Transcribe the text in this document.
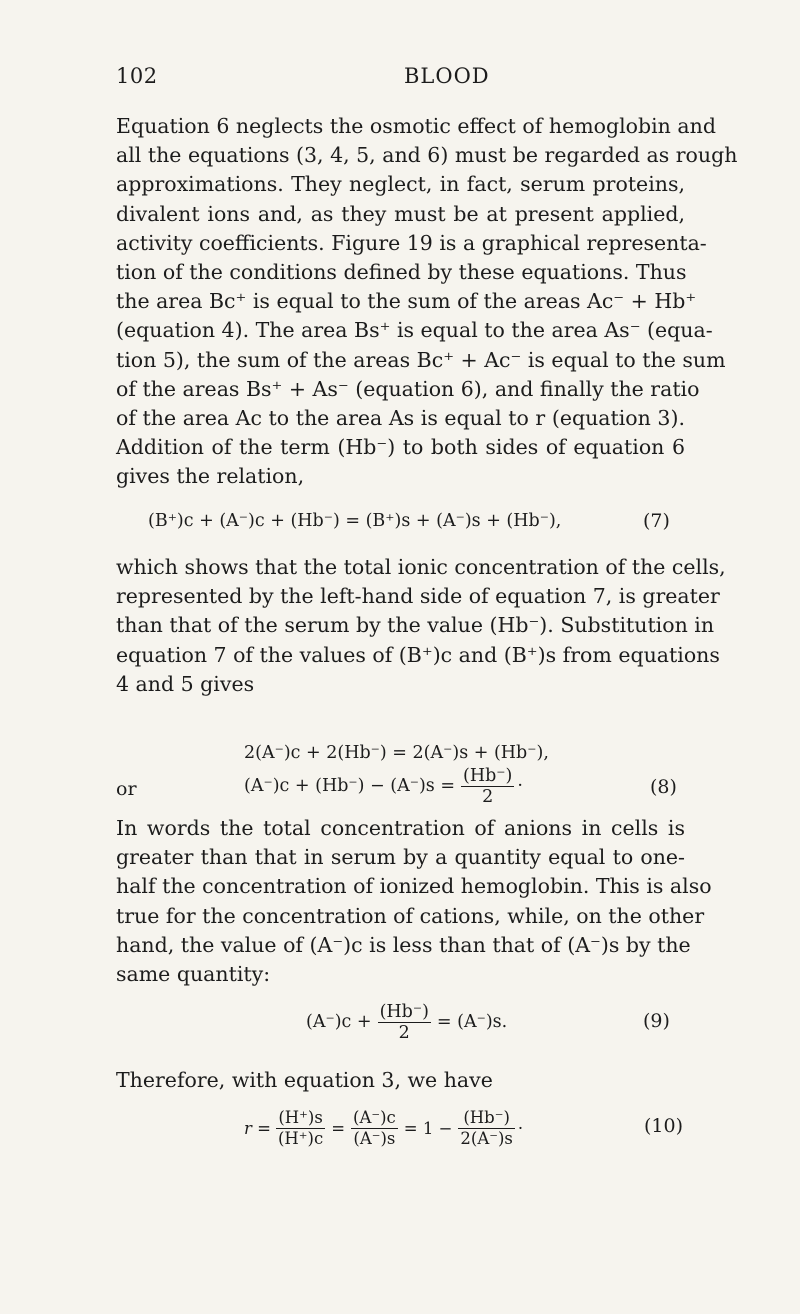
102	BLOOD

Equation 6 neglects the osmotic effect of hemoglobin and
all the equations (3, 4, 5, and 6) must be regarded as rough
approximations. They neglect, in fact, serum proteins,
divalent ions and, as they must be at present applied,
activity coefficients. Figure 19 is a graphical representa-
tion of the conditions defined by these equations. Thus
the area Bc⁺ is equal to the sum of the areas Ac⁻ + Hb⁺
(equation 4). The area Bs⁺ is equal to the area As⁻ (equa-
tion 5), the sum of the areas Bc⁺ + Ac⁻ is equal to the sum
of the areas Bs⁺ + As⁻ (equation 6), and finally the ratio
of the area Ac to the area As is equal to r (equation 3).
Addition of the term (Hb⁻) to both sides of equation 6
gives the relation,

(B⁺)c + (A⁻)c + (Hb⁻) = (B⁺)s + (A⁻)s + (Hb⁻),	(7)

which shows that the total ionic concentration of the cells,
represented by the left-hand side of equation 7, is greater
than that of the serum by the value (Hb⁻). Substitution in
equation 7 of the values of (B⁺)c and (B⁺)s from equations
4 and 5 gives

2(A⁻)c + 2(Hb⁻) = 2(A⁻)s + (Hb⁻),
or	$(A^-)c + (Hb^-) - (A^-)s = \frac{(Hb^-)}{2}$ ·	(8)

In words the total concentration of anions in cells is
greater than that in serum by a quantity equal to one-
half the concentration of ionized hemoglobin. This is also
true for the concentration of cations, while, on the other
hand, the value of (A⁻)c is less than that of (A⁻)s by the
same quantity:

$(A^-)c + \frac{(Hb^-)}{2} = (A^-)s$.	(9)

Therefore, with equation 3, we have

$r = \frac{(H^+)s}{(H^+)c} = \frac{(A^-)c}{(A^-)s} = 1 - \frac{(Hb^-)}{2(A^-)s}$ ·	(10)
